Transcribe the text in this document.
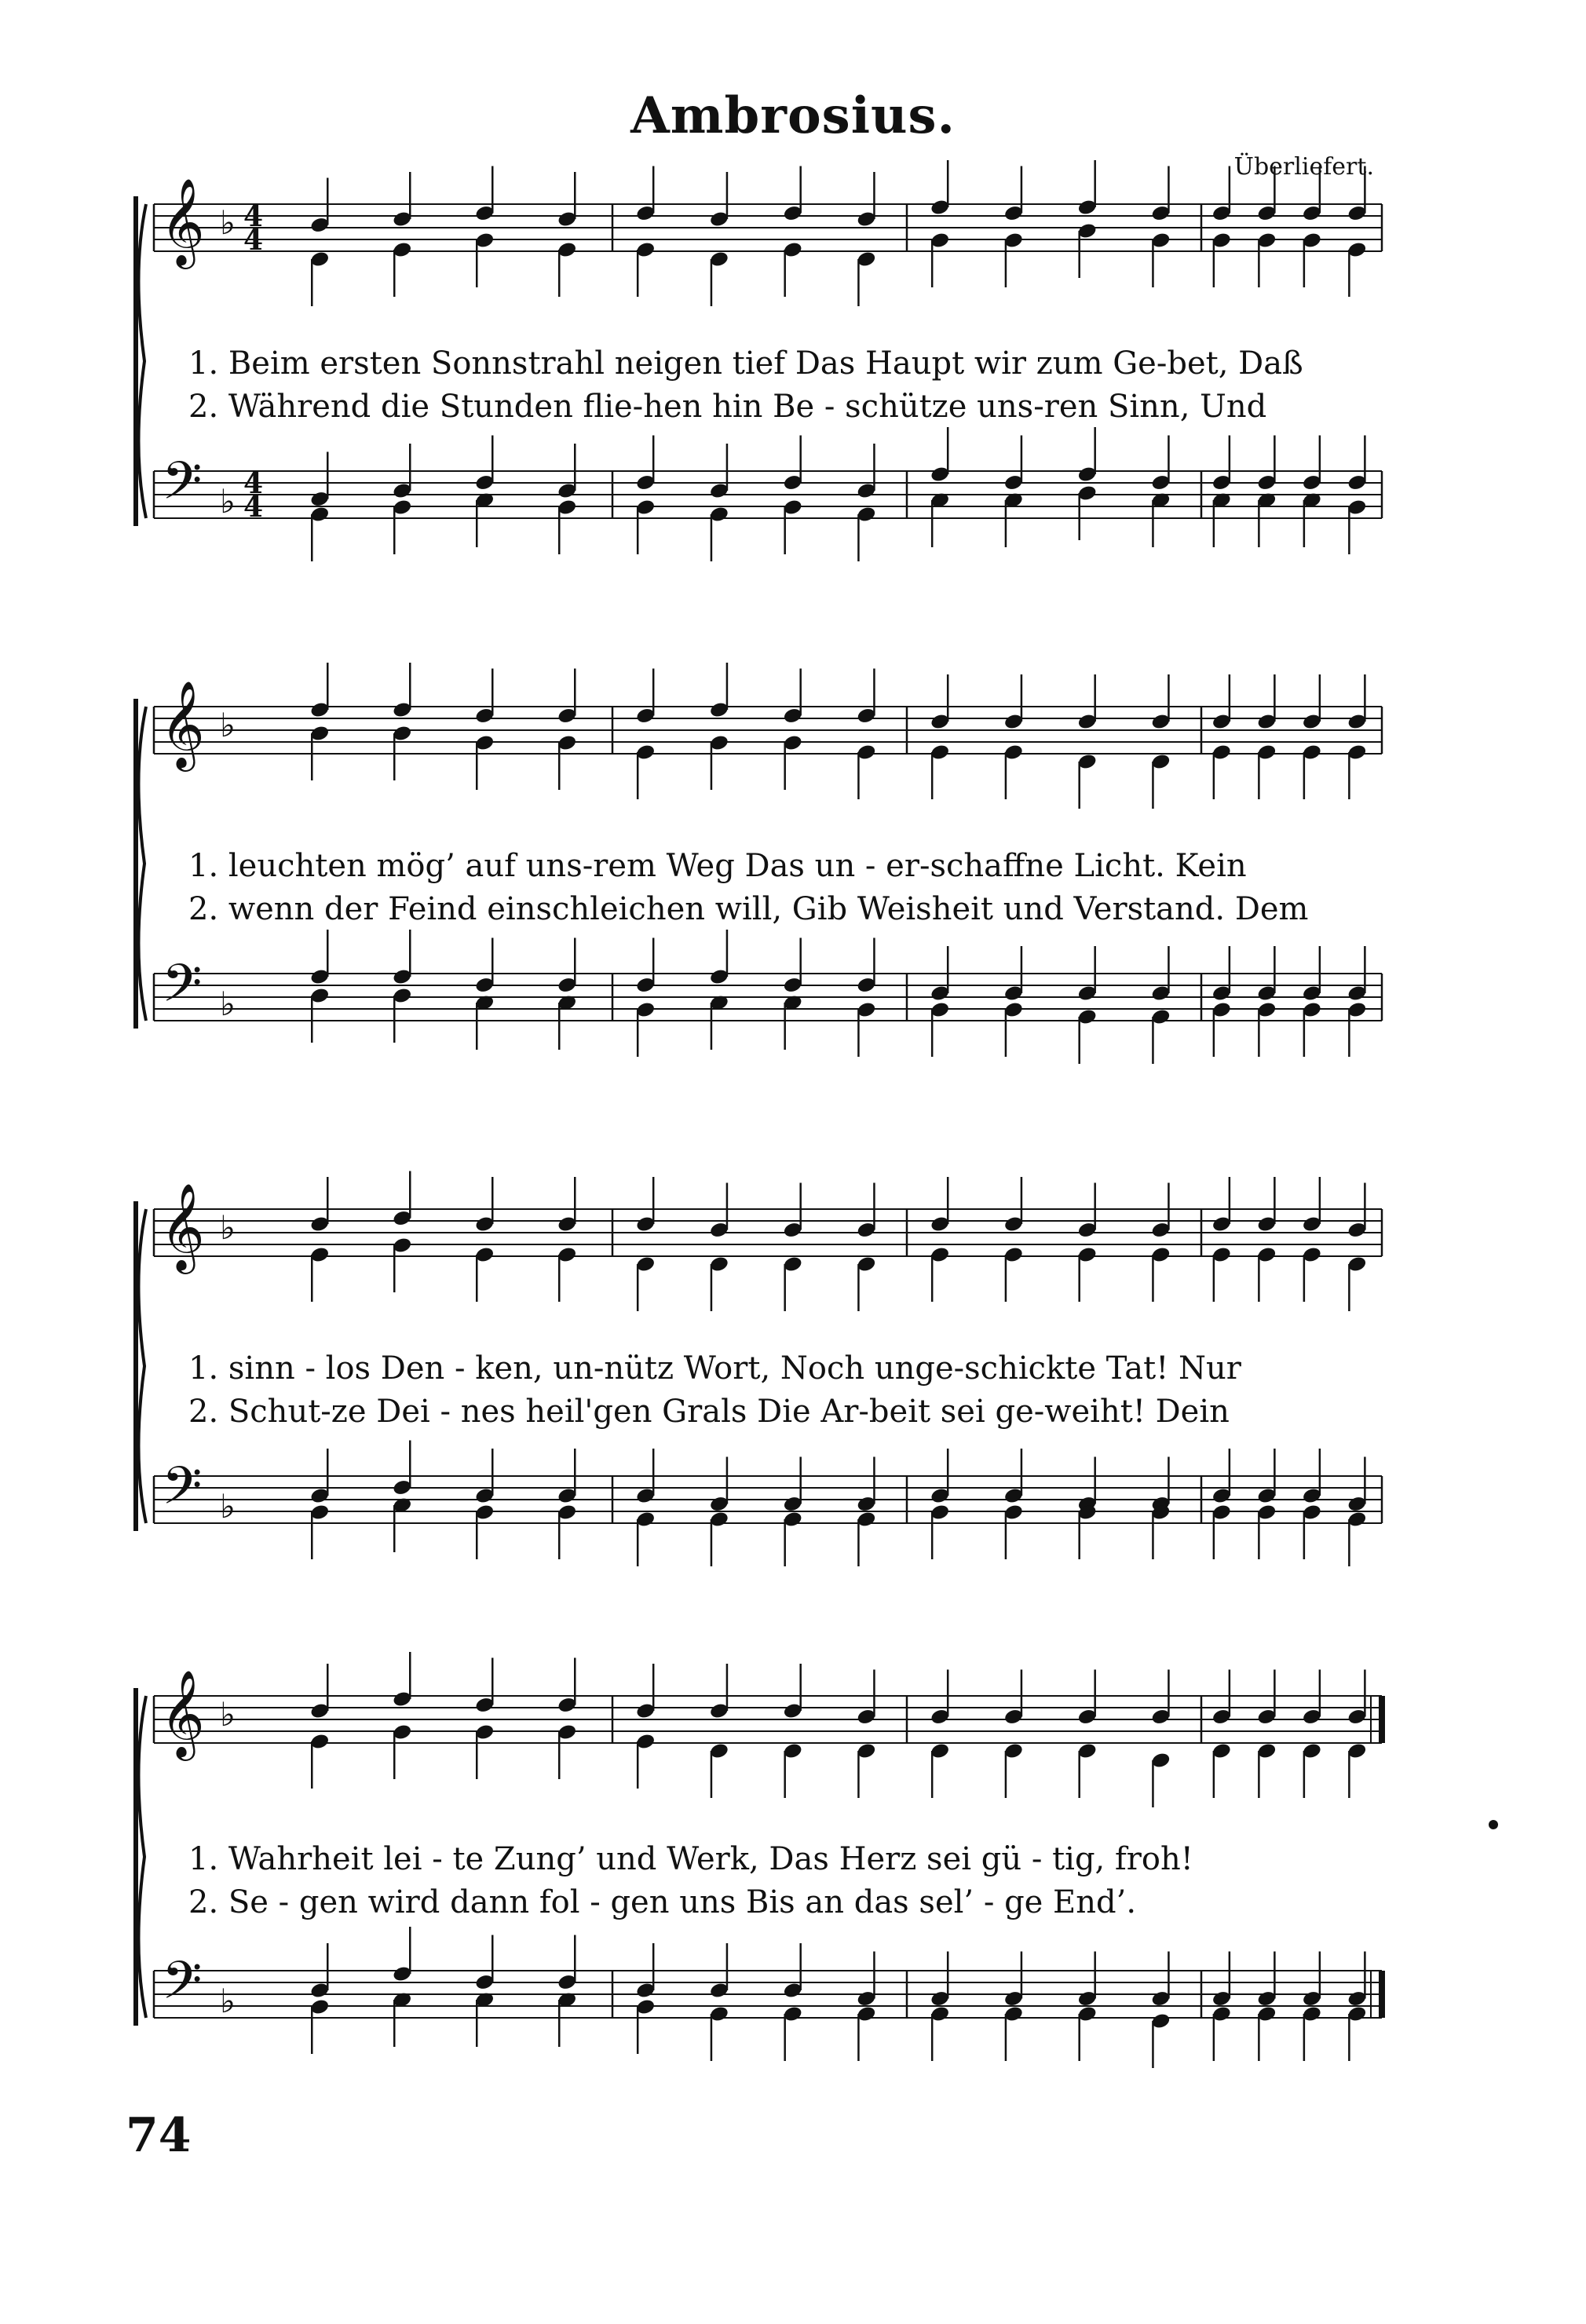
Ambrosius.
Überliefert.
𝄞
𝄢
♭
♭
4
4
4
4
1. Beim ersten Sonnstrahl neigen tief Das Haupt wir zum Ge-bet, Daß
2. Während die Stunden flie-hen hin Be - schütze uns-ren Sinn, Und
𝄞
𝄢
♭
♭
1. leuchten mög’ auf uns-rem Weg Das un - er-schaffne Licht. Kein
2. wenn der Feind einschleichen will, Gib Weisheit und Verstand. Dem
𝄞
𝄢
♭
♭
1. sinn - los Den - ken, un-nütz Wort, Noch unge-schickte Tat! Nur
2. Schut-ze Dei - nes heil'gen Grals Die Ar-beit sei ge-weiht! Dein
𝄞
𝄢
♭
♭
1. Wahrheit lei - te Zung’ und Werk, Das Herz sei gü - tig, froh!
2. Se - gen wird dann fol - gen uns Bis an das sel’ - ge End’.
74
